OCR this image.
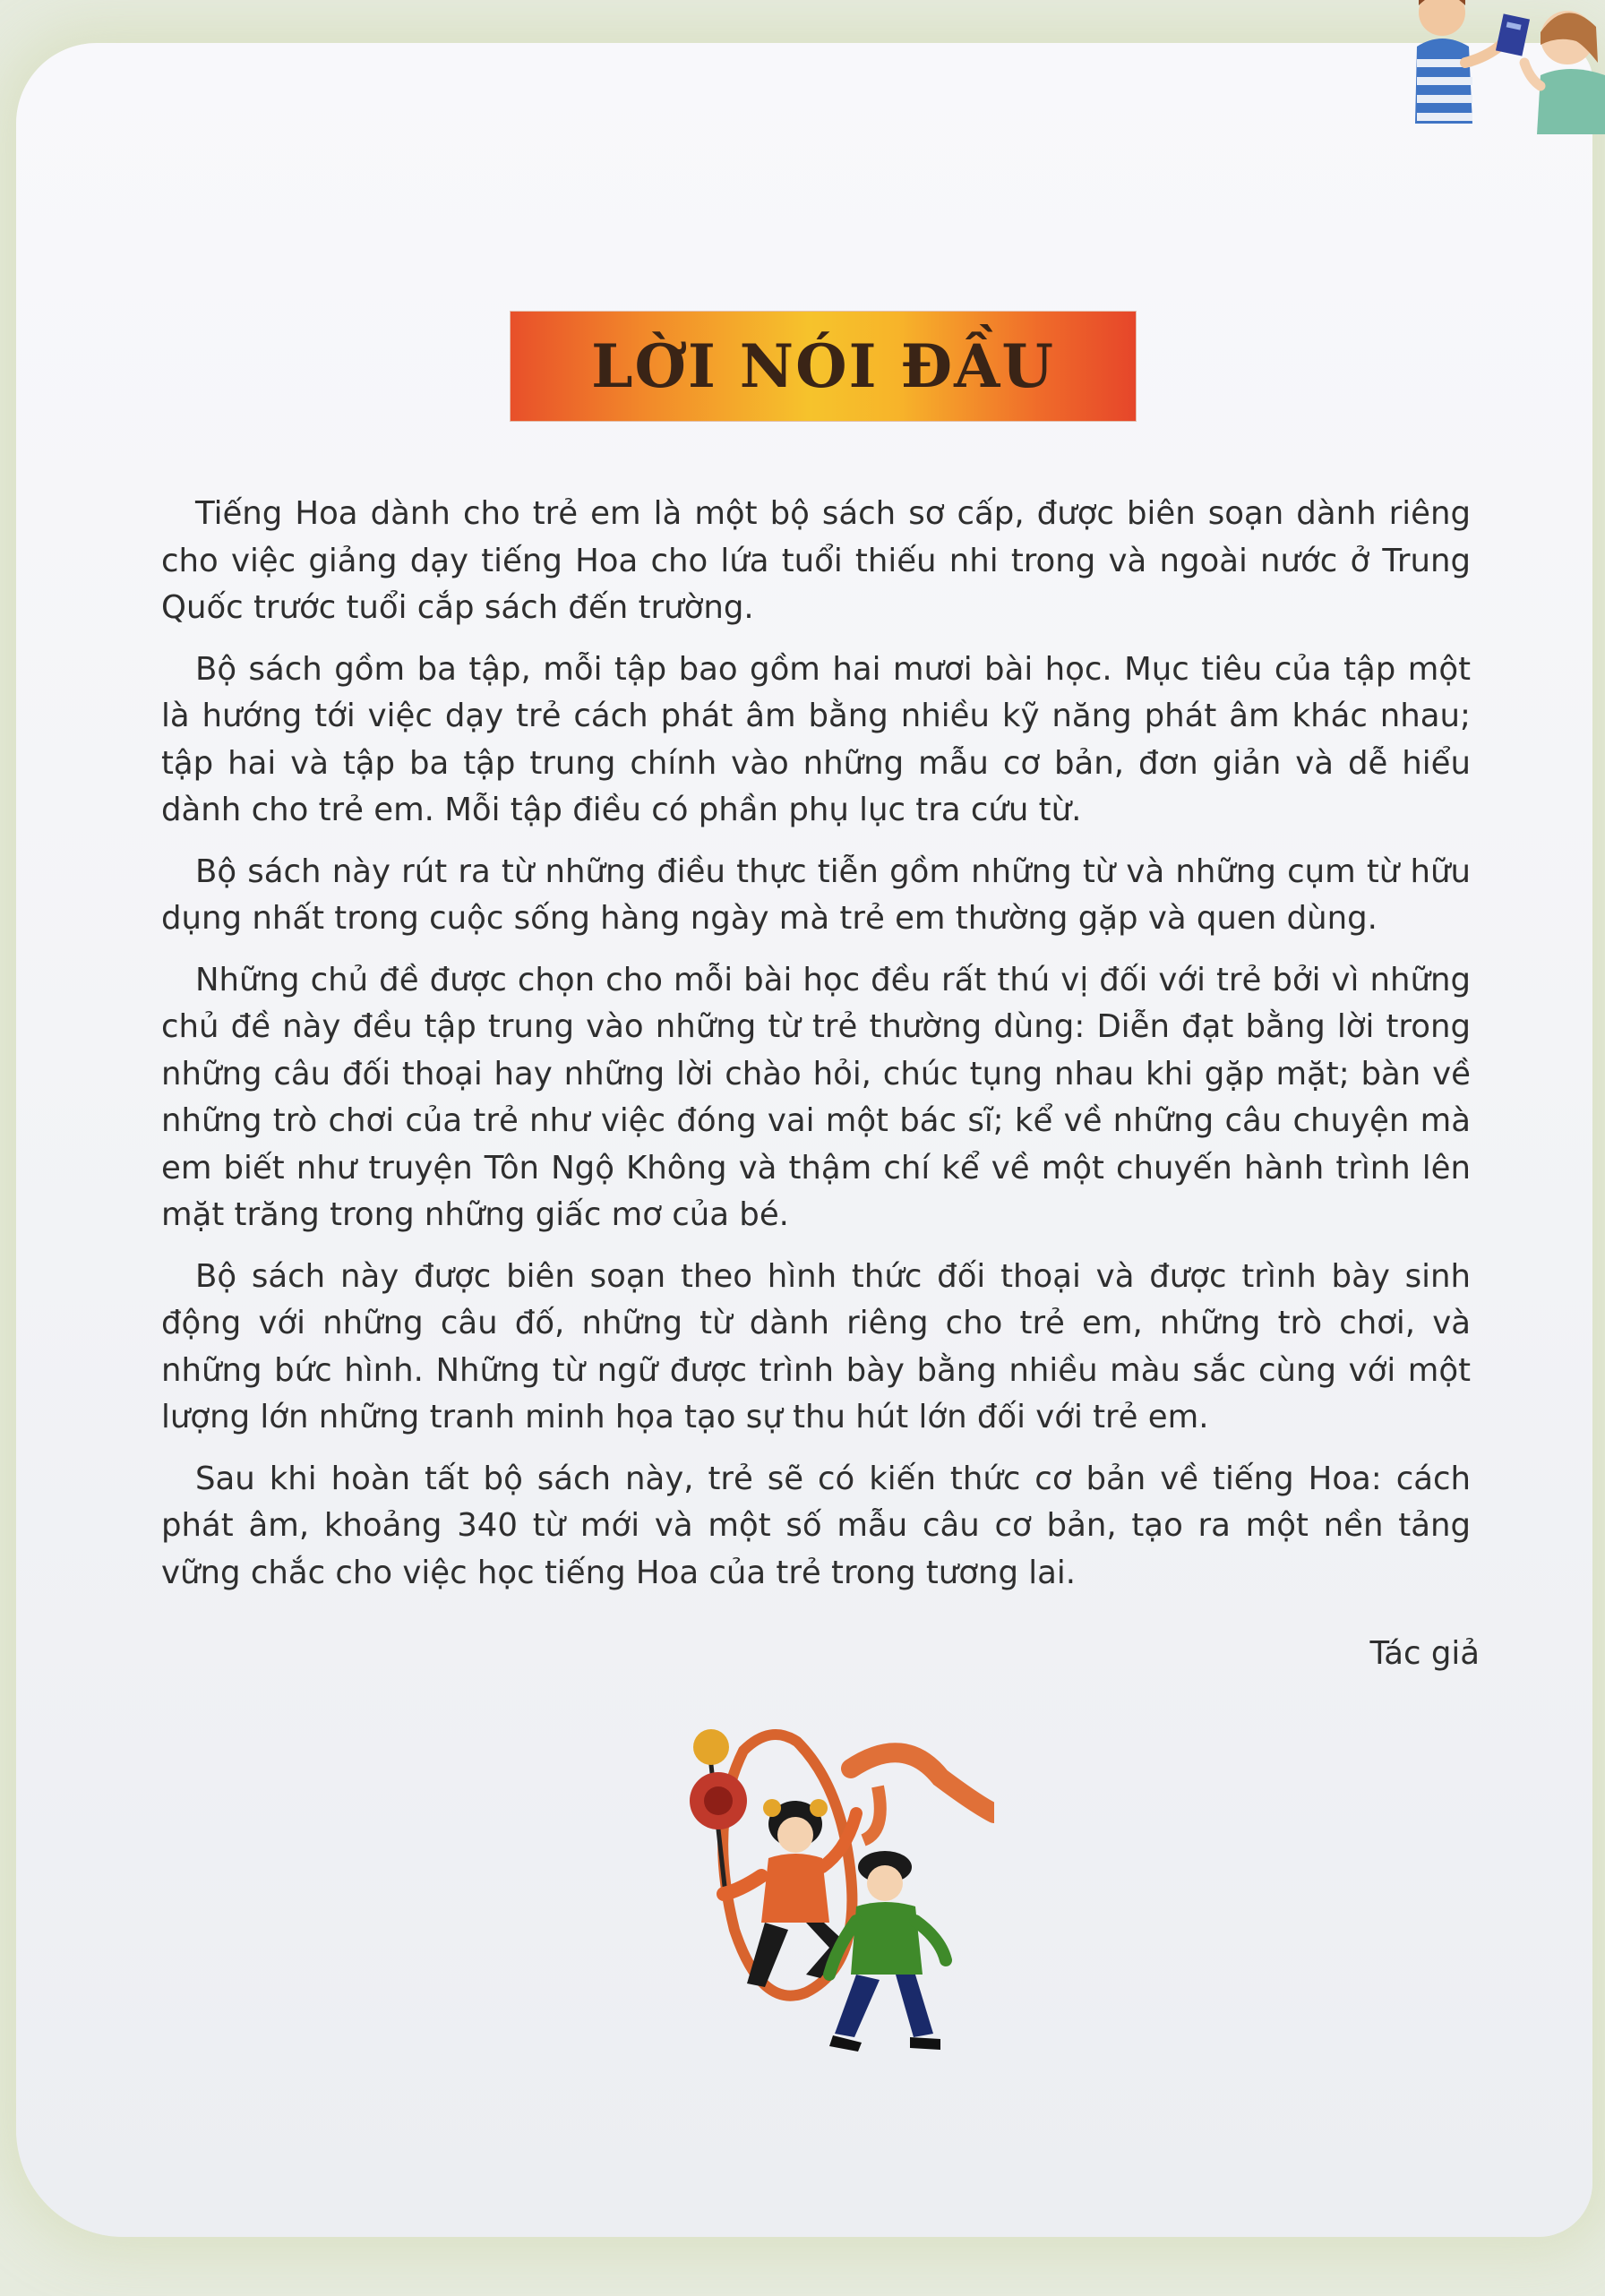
LỜI NÓI ĐẦU

Tiếng Hoa dành cho trẻ em là một bộ sách sơ cấp, được biên soạn dành riêng cho việc giảng dạy tiếng Hoa cho lứa tuổi thiếu nhi trong và ngoài nước ở Trung Quốc trước tuổi cắp sách đến trường.

Bộ sách gồm ba tập, mỗi tập bao gồm hai mươi bài học. Mục tiêu của tập một là hướng tới việc dạy trẻ cách phát âm bằng nhiều kỹ năng phát âm khác nhau; tập hai và tập ba tập trung chính vào những mẫu cơ bản, đơn giản và dễ hiểu dành cho trẻ em. Mỗi tập điều có phần phụ lục tra cứu từ.

Bộ sách này rút ra từ những điều thực tiễn gồm những từ và những cụm từ hữu dụng nhất trong cuộc sống hàng ngày mà trẻ em thường gặp và quen dùng.

Những chủ đề được chọn cho mỗi bài học đều rất thú vị đối với trẻ bởi vì những chủ đề này đều tập trung vào những từ trẻ thường dùng: Diễn đạt bằng lời trong những câu đối thoại hay những lời chào hỏi, chúc tụng nhau khi gặp mặt; bàn về những trò chơi của trẻ như việc đóng vai một bác sĩ; kể về những câu chuyện mà em biết như truyện Tôn Ngộ Không và thậm chí kể về một chuyến hành trình lên mặt trăng trong những giấc mơ của bé.

Bộ sách này được biên soạn theo hình thức đối thoại và được trình bày sinh động với những câu đố, những từ dành riêng cho trẻ em, những trò chơi, và những bức hình. Những từ ngữ được trình bày bằng nhiều màu sắc cùng với một lượng lớn những tranh minh họa tạo sự thu hút lớn đối với trẻ em.

Sau khi hoàn tất bộ sách này, trẻ sẽ có kiến thức cơ bản về tiếng Hoa: cách phát âm, khoảng 340 từ mới và một số mẫu câu cơ bản, tạo ra một nền tảng vững chắc cho việc học tiếng Hoa của trẻ trong tương lai.

Tác giả
